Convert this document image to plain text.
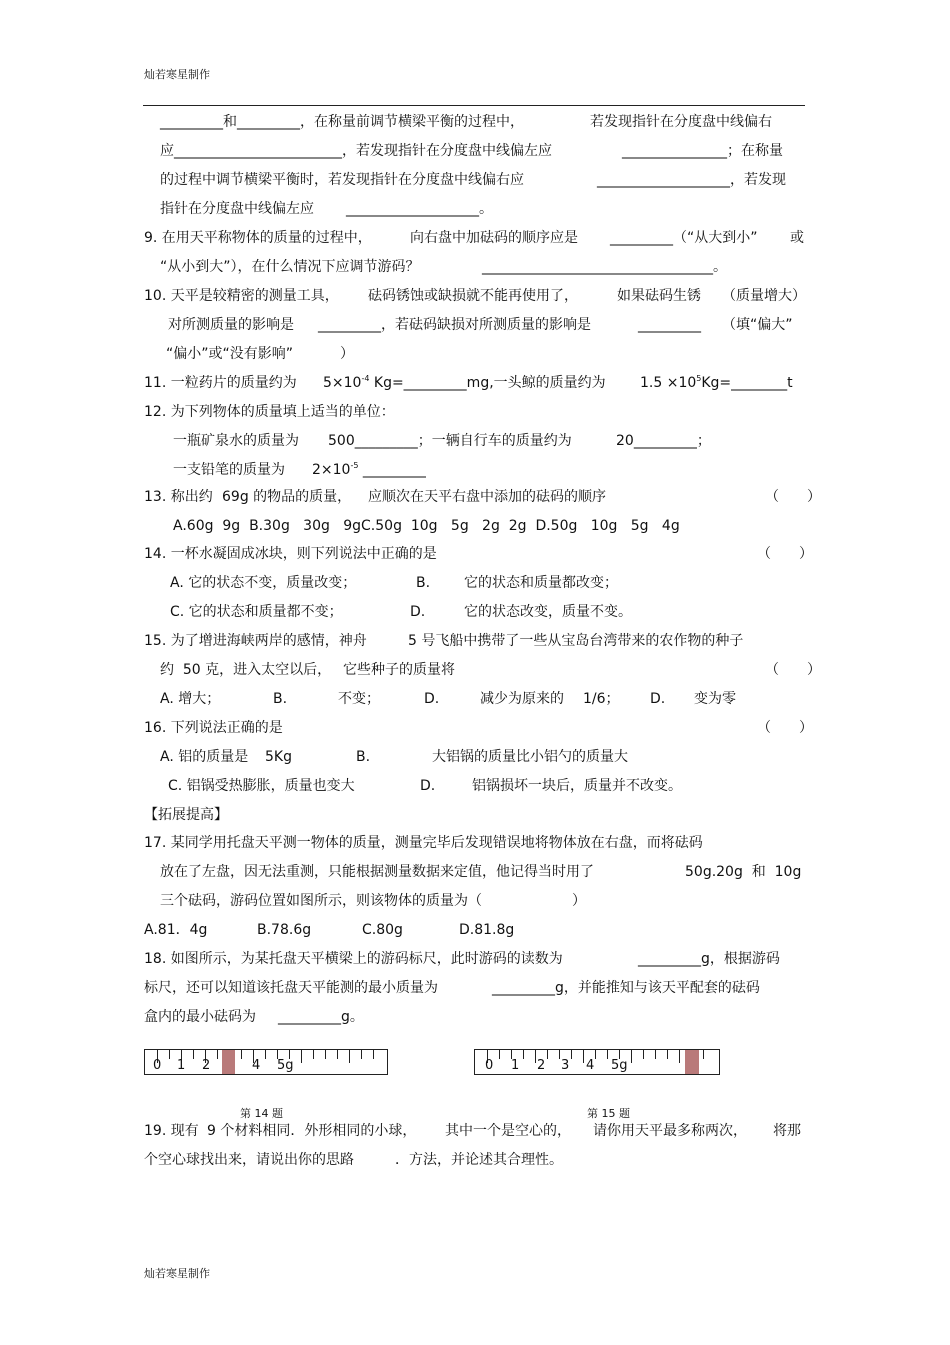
灿若寒星制作
_________和_________，在称量前调节横梁平衡的过程中，	若发现指针在分度盘中线偏右
应________________________，若发现指针在分度盘中线偏左应	_______________；在称量
的过程中调节横梁平衡时，若发现指针在分度盘中线偏右应	___________________，若发现
指针在分度盘中线偏左应 ___________________。
9. 在用天平称物体的质量的过程中，	向右盘中加砝码的顺序应是 _________（“从大到小” 或
“从小到大”），在什么情况下应调节游码？	_________________________________。
10. 天平是较精密的测量工具， 砝码锈蚀或缺损就不能再使用了，	如果砝码生锈 （质量增大）
对所测质量的影响是 _________，若砝码缺损对所测质量的影响是	_________ （填“偏大”
“偏小”或“没有影响”	）
11. 一粒药片的质量约为 $5\times 10^{-4}$ Kg=_________mg,一头鲸的质量约为 $1.5 \times 10^5Kg=\_\_\_\_\_\_\_\_t$
12. 为下列物体的质量填上适当的单位：
一瓶矿泉水的质量为 500_________；一辆自行车的质量约为	20_________；
一支铅笔的质量为 $2\times 10^{-5}$ _________
13. 称出约 69g 的物品的质量， 应顺次在天平右盘中添加的砝码的顺序	（　　）
A.60g  9g  B.30g   30g   9gC.50g  10g   5g   2g  2g  D.50g   10g   5g   4g
14. 一杯水凝固成冰块，则下列说法中正确的是	（　　）
A. 它的状态不变，质量改变；	B. 它的状态和质量都改变；
C. 它的状态和质量都不变；	D.	它的状态改变，质量不变。
15. 为了增进海峡两岸的感情，神舟	5 号飞船中携带了一些从宝岛台湾带来的农作物的种子
约  50 克，进入太空以后， 它些种子的质量将	（　　）
A. 增大；	B.	不变；	D.	减少为原来的 1/6； D. 变为零
16. 下列说法正确的是	（　　）
A. 铝的质量是 5Kg	B.	大铝锅的质量比小铝勺的质量大
C. 铝锅受热膨胀，质量也变大	D.	铝锅损坏一块后，质量并不改变。
【拓展提高】
17. 某同学用托盘天平测一物体的质量，测量完毕后发现错误地将物体放在右盘，而将砝码
放在了左盘，因无法重测，只能根据测量数据来定值，他记得当时用了	50g.20g  和  10g
三个砝码，游码位置如图所示，则该物体的质量为（	）
A.81．4g	B.78.6g	C.80g	D.81.8g
18. 如图所示，为某托盘天平横梁上的游码标尺，此时游码的读数为	_________g，根据游码
标尺，还可以知道该托盘天平能测的最小质量为	_________g，并能推知与该天平配套的砝码
盒内的最小砝码为 _________g。
19. 现有 9 个材料相同．外形相同的小球， 其中一个是空心的， 请你用天平最多称两次， 将那
个空心球找出来，请说出你的思路	．方法，并论述其合理性。
0 1 2	4 5g
第 14 题
0 1 2 3 4 5g
第 15 题
灿若寒星制作
